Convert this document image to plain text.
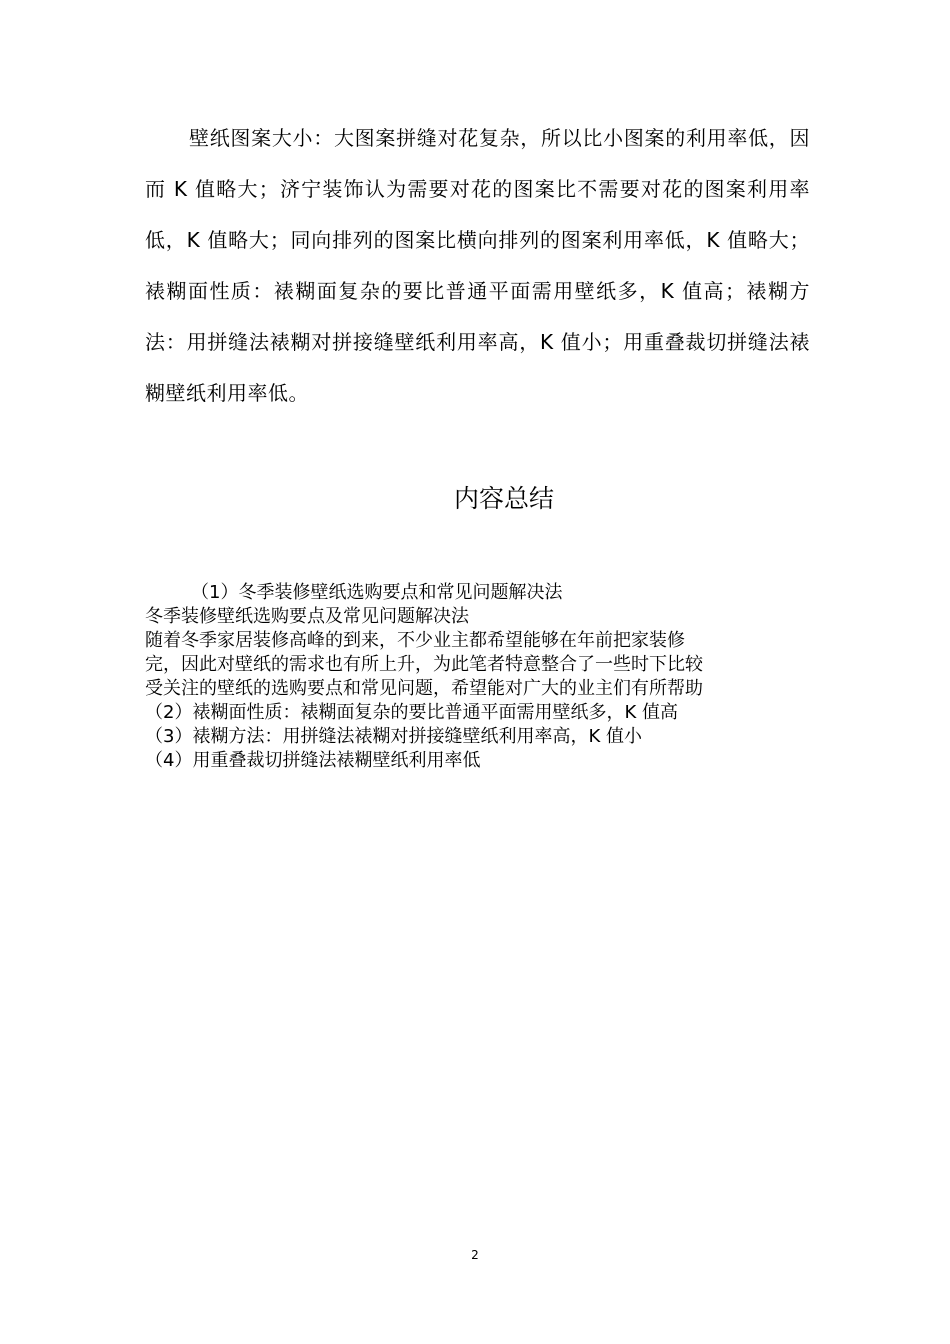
壁纸图案大小：大图案拼缝对花复杂，所以比小图案的利用率低，因而 K 值略大；济宁装饰认为需要对花的图案比不需要对花的图案利用率低，K 值略大；同向排列的图案比横向排列的图案利用率低，K 值略大；裱糊面性质：裱糊面复杂的要比普通平面需用壁纸多，K 值高；裱糊方法：用拼缝法裱糊对拼接缝壁纸利用率高，K 值小；用重叠裁切拼缝法裱糊壁纸利用率低。

内容总结
（1）冬季装修壁纸选购要点和常见问题解决法
冬季装修壁纸选购要点及常见问题解决法
随着冬季家居装修高峰的到来，不少业主都希望能够在年前把家装修
完，因此对壁纸的需求也有所上升，为此笔者特意整合了一些时下比较
受关注的壁纸的选购要点和常见问题，希望能对广大的业主们有所帮助
（2）裱糊面性质：裱糊面复杂的要比普通平面需用壁纸多，K 值高
（3）裱糊方法：用拼缝法裱糊对拼接缝壁纸利用率高，K 值小
（4）用重叠裁切拼缝法裱糊壁纸利用率低
2
